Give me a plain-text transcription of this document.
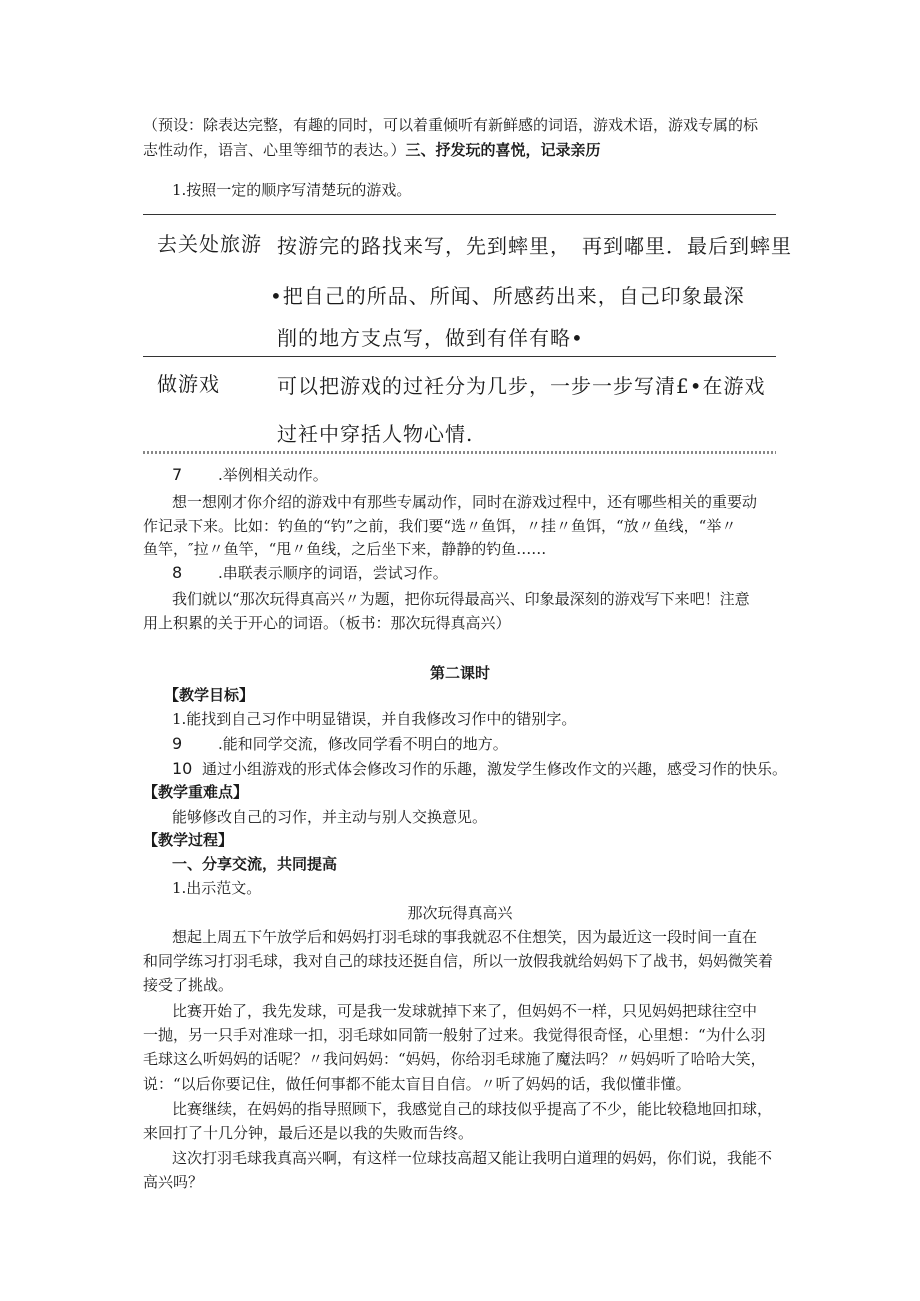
（预设：除表达完整，有趣的同时，可以着重倾听有新鲜感的词语，游戏术语，游戏专属的标
志性动作，语言、心里等细节的表达。）三、抒发玩的喜悦，记录亲历
1.按照一定的顺序写清楚玩的游戏。
去关处旅游 按游完的路找来写，先到蟀里，　再到嘟里．最后到蟀里
•把自己的所品、所闻、所感药出来，自己印象最深
削的地方支点写，做到有佯有略•
做游戏	可以把游戏的过衽分为几步，一步一步写清£•在游戏
过衽中穿括人物心情.
7 .举例相关动作。
想一想刚才你介绍的游戏中有那些专属动作，同时在游戏过程中，还有哪些相关的重要动
作记录下来。比如：钓鱼的“钓”之前，我们要“选〃鱼饵，〃挂〃鱼饵，“放〃鱼线，“举〃
鱼竿，″拉〃鱼竿，“甩〃鱼线，之后坐下来，静静的钓鱼……
8 .串联表示顺序的词语，尝试习作。
我们就以“那次玩得真高兴〃为题，把你玩得最高兴、印象最深刻的游戏写下来吧！注意
用上积累的关于开心的词语。（板书：那次玩得真高兴）
第二课时
【教学目标】
1.能找到自己习作中明显错误，并自我修改习作中的错别字。
9 .能和同学交流，修改同学看不明白的地方。
10 通过小组游戏的形式体会修改习作的乐趣，激发学生修改作文的兴趣，感受习作的快乐。
【教学重难点】
能够修改自己的习作，并主动与别人交换意见。
【教学过程】
一、分享交流，共同提高
1.出示范文。
那次玩得真高兴
想起上周五下午放学后和妈妈打羽毛球的事我就忍不住想笑，因为最近这一段时间一直在
和同学练习打羽毛球，我对自己的球技还挺自信，所以一放假我就给妈妈下了战书，妈妈微笑着
接受了挑战。
比赛开始了，我先发球，可是我一发球就掉下来了，但妈妈不一样，只见妈妈把球往空中
一抛，另一只手对准球一扣，羽毛球如同箭一般射了过来。我觉得很奇怪，心里想：“为什么羽
毛球这么听妈妈的话呢？〃我问妈妈：“妈妈，你给羽毛球施了魔法吗？〃妈妈听了哈哈大笑，
说：“以后你要记住，做任何事都不能太盲目自信。〃听了妈妈的话，我似懂非懂。
比赛继续，在妈妈的指导照顾下，我感觉自己的球技似乎提高了不少，能比较稳地回扣球，
来回打了十几分钟，最后还是以我的失败而告终。
这次打羽毛球我真高兴啊，有这样一位球技高超又能让我明白道理的妈妈，你们说，我能不
高兴吗？
